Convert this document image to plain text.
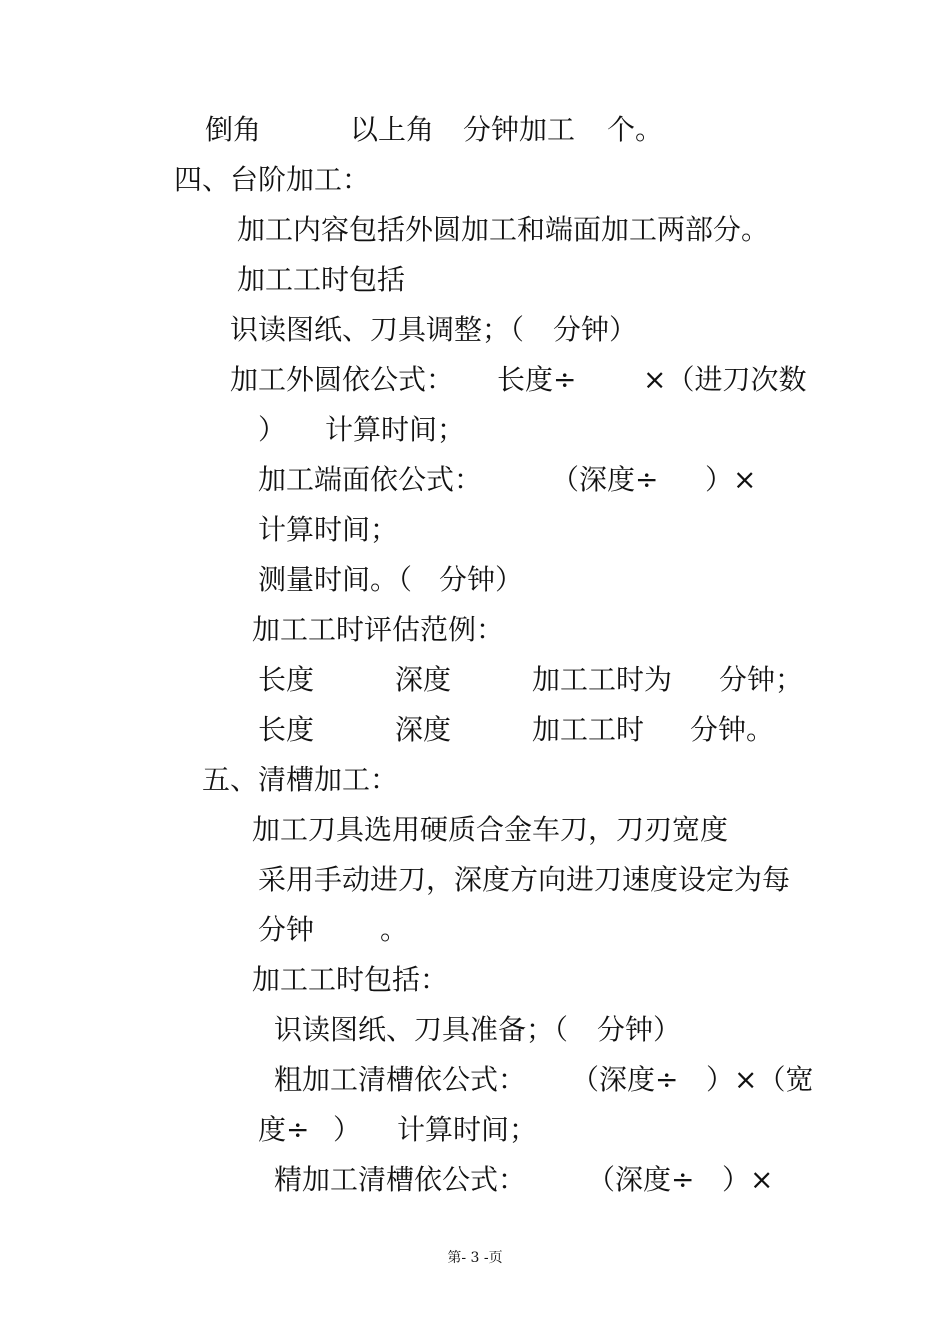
倒角	以上角 分钟加工 个。
四、台阶加工：
加工内容包括外圆加工和端面加工两部分。
加工工时包括
识读图纸、刀具调整；（ 分钟）
加工外圆依公式： 长度÷ ×（进刀次数
） 计算时间；
加工端面依公式： （深度÷ ）×
计算时间；
测量时间。（ 分钟）
加工工时评估范例：
长度	深度	加工工时为 分钟；
长度	深度	加工工时 分钟。
五、清槽加工：
加工刀具选用硬质合金车刀，刀刃宽度
采用手动进刀，深度方向进刀速度设定为每
分钟 。
加工工时包括：
识读图纸、刀具准备；（ 分钟）
粗加工清槽依公式： （深度÷ ）×（宽
度÷ ） 计算时间；
精加工清槽依公式： （深度÷ ）×
第- 3 -页
